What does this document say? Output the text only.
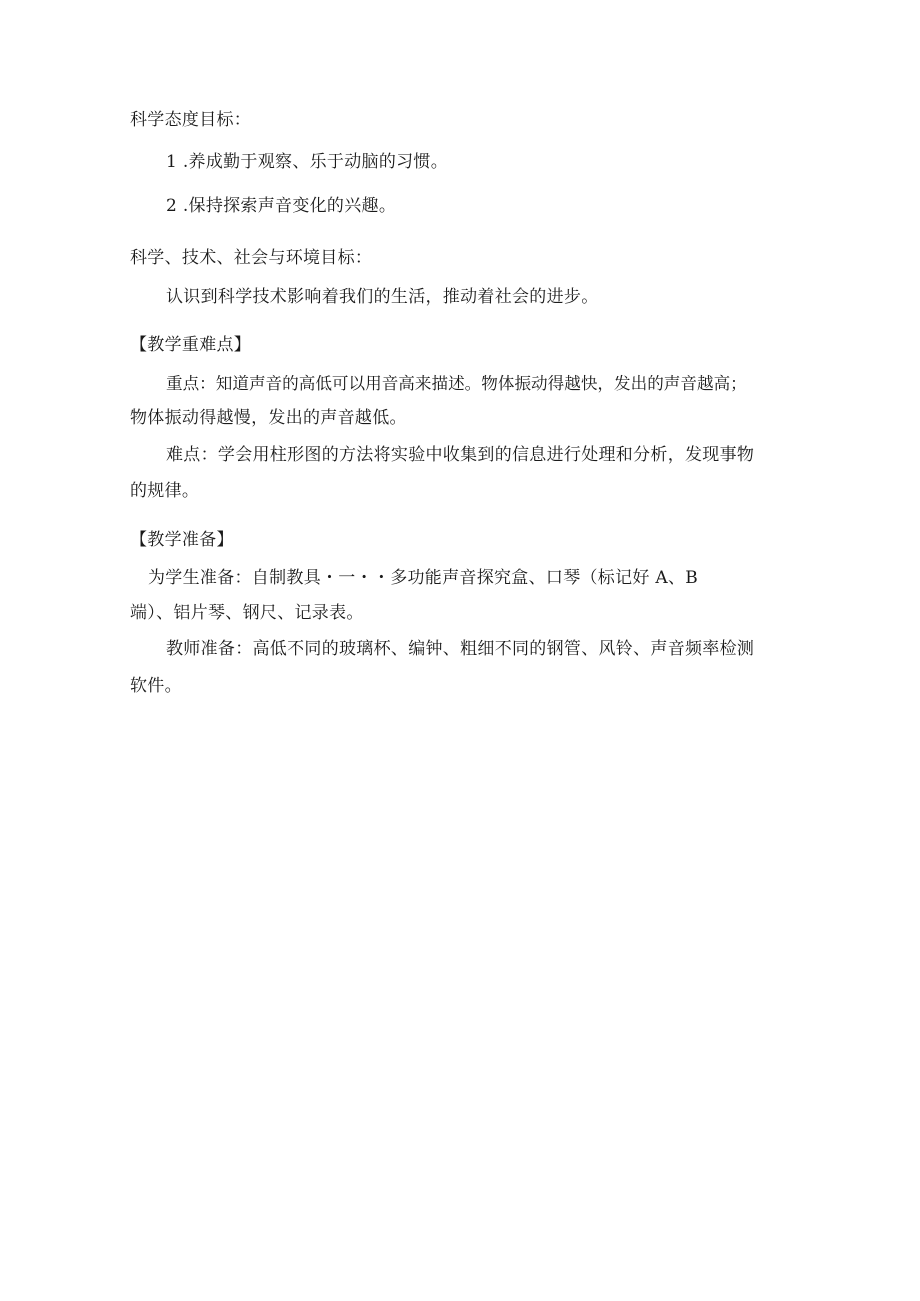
科学态度目标：
1 .养成勤于观察、乐于动脑的习惯。
2 .保持探索声音变化的兴趣。
科学、技术、社会与环境目标：
认识到科学技术影响着我们的生活，推动着社会的进步。
【教学重难点】
重点：知道声音的高低可以用音高来描述。物体振动得越快，发出的声音越高；
物体振动得越慢，发出的声音越低。
难点：学会用柱形图的方法将实验中收集到的信息进行处理和分析，发现事物
的规律。
【教学准备】
为学生准备：自制教具・一・・多功能声音探究盒、口琴（标记好 A、B
端）、铝片琴、钢尺、记录表。
教师准备：高低不同的玻璃杯、编钟、粗细不同的钢管、风铃、声音频率检测
软件。
